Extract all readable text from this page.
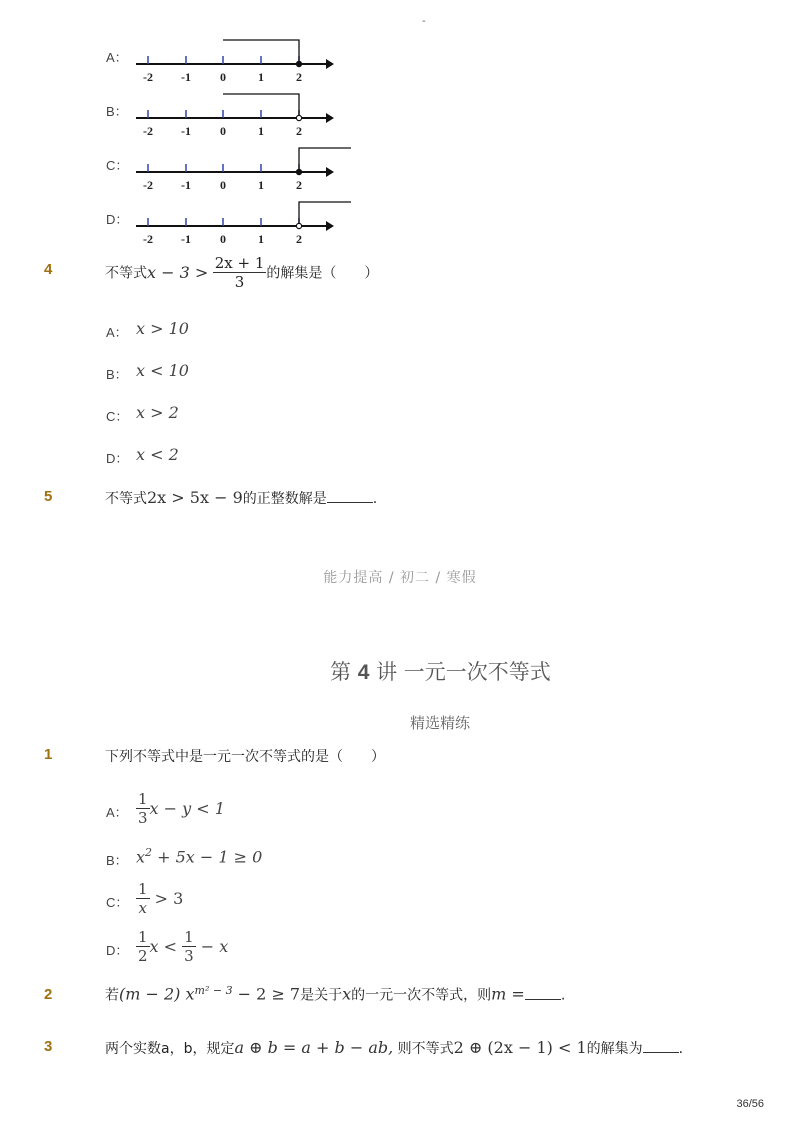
-
A：
-2 -1 0	1	2
B：
-2 -1 0	1	2
C：
-2 -1 0	1	2
D：
-2 -1 0	1	2
4	不等式$x - 3 > \frac{2x + 1}{3}$ 的解集是（　　）
A： x > 10
B： x < 10
C： x > 2
D： x < 2
5	不等式2x > 5x − 9的正整数解是	.
能力提高 / 初二 / 寒假
第 4 讲 一元一次不等式
精选精练
1	下列不等式中是一元一次不等式的是（　　）
A： $\frac{1}{3}$ x − y < 1
B： $x^2 + 5x - 1 \ge 0$
C： $\frac{1}{x} > 3$
D： $\frac{1}{2}$ $x < \frac{1}{3} - x$
2	若(m − 2) $x^{m^2 - 3} - 2 \ge 7$是关于x的一元一次不等式，则m =	.
3	两个实数a，b，规定a ⊕ b = a + b − ab, 则不等式2 ⊕ (2x − 1) < 1的解集为	.
36/56
